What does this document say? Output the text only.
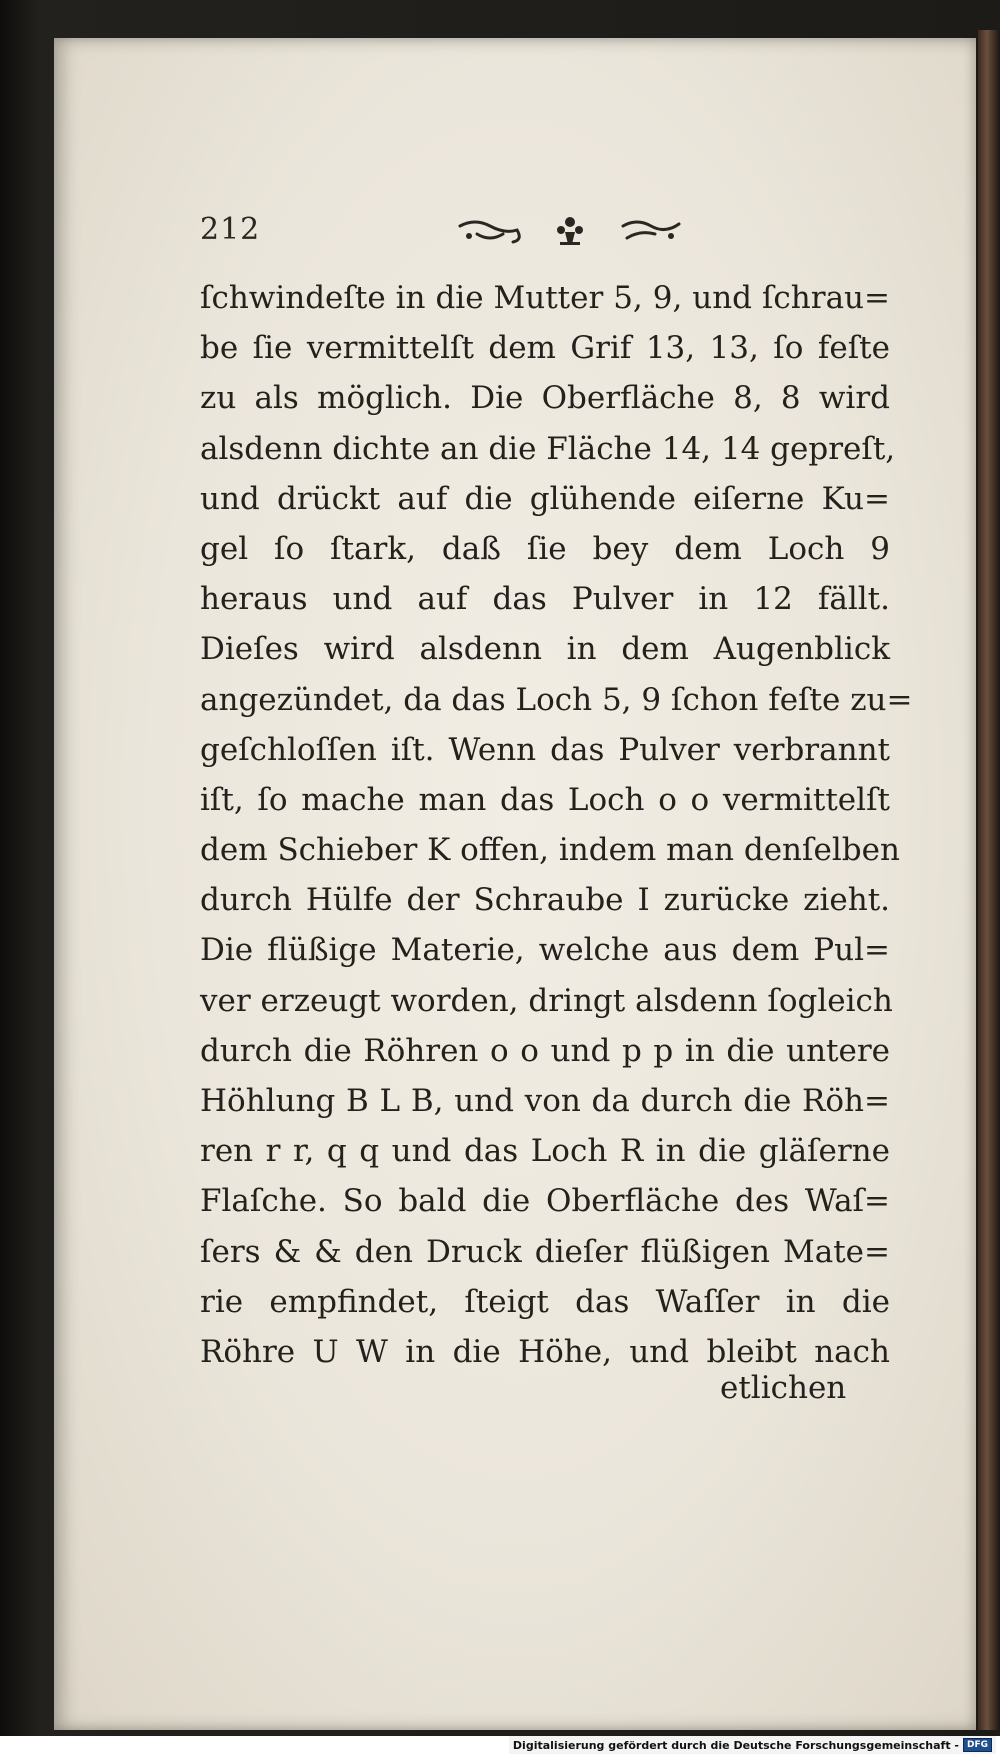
212
ſchwindeſte in die Mutter 5, 9, und ſchrau=
be ſie vermittelſt dem Grif 13, 13, ſo feſte
zu als möglich. Die Oberfläche 8, 8 wird
alsdenn dichte an die Fläche 14, 14 gepreſt,
und drückt auf die glühende eiſerne Ku=
gel ſo ſtark, daß ſie bey dem Loch 9
heraus und auf das Pulver in 12 fällt.
Dieſes wird alsdenn in dem Augenblick
angezündet, da das Loch 5, 9 ſchon feſte zu=
geſchloſſen iſt. Wenn das Pulver verbrannt
iſt, ſo mache man das Loch o o vermittelſt
dem Schieber K offen, indem man denſelben
durch Hülfe der Schraube I zurücke zieht.
Die flüßige Materie, welche aus dem Pul=
ver erzeugt worden, dringt alsdenn ſogleich
durch die Röhren o o und p p in die untere
Höhlung B L B, und von da durch die Röh=
ren r r, q q und das Loch R in die gläſerne
Flaſche. So bald die Oberfläche des Waſ=
ſers & & den Druck dieſer flüßigen Mate=
rie empfindet, ſteigt das Waſſer in die
Röhre U W in die Höhe, und bleibt nach
etlichen
Digitalisierung gefördert durch die Deutsche Forschungsgemeinschaft - DFG
